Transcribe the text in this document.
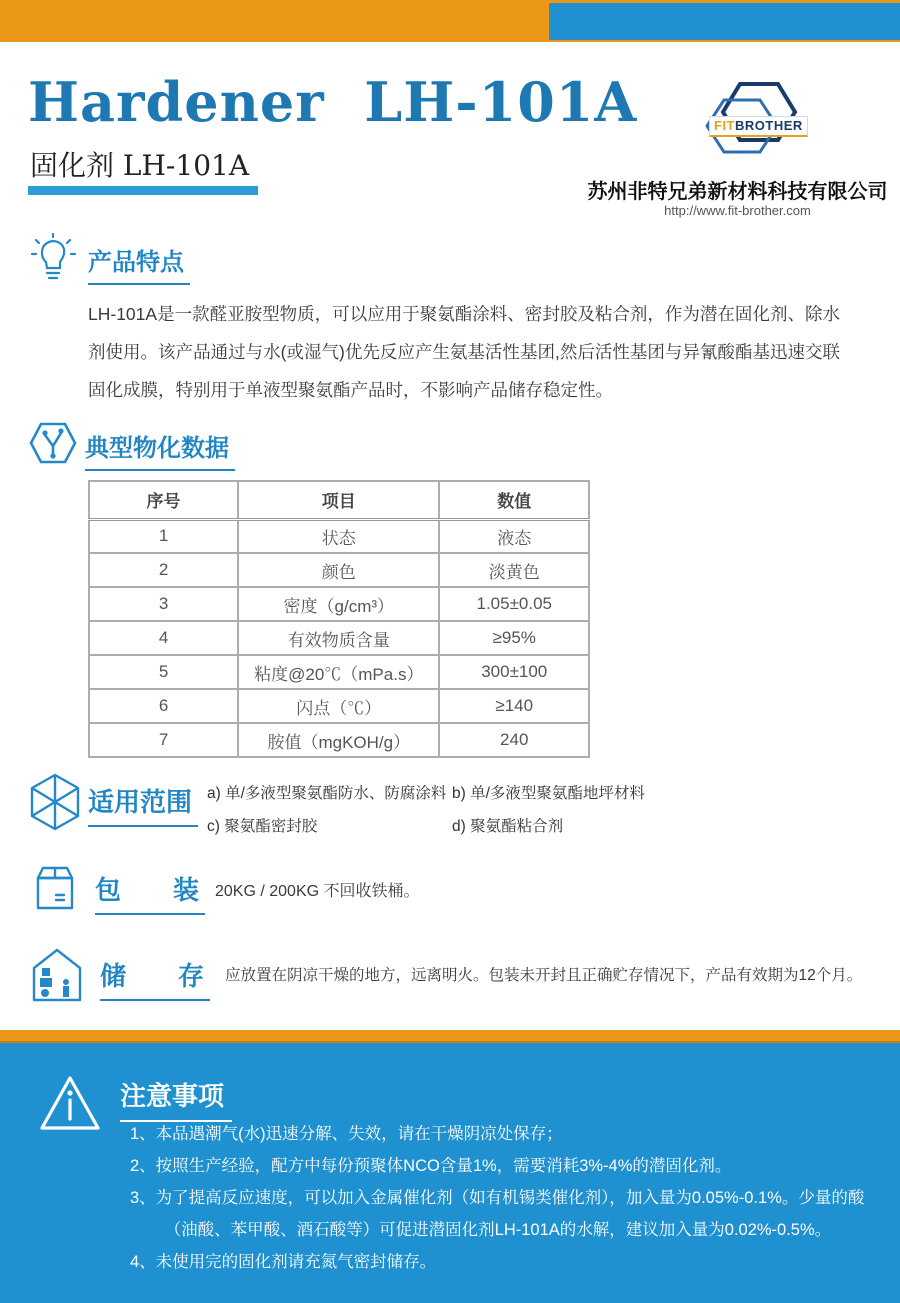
Hardener  LH-101A
固化剂 LH-101A
FITBROTHER
苏州非特兄弟新材料科技有限公司
http://www.fit-brother.com
产品特点
LH-101A是一款醛亚胺型物质，可以应用于聚氨酯涂料、密封胶及粘合剂，作为潜在固化剂、除水剂使用。该产品通过与水(或湿气)优先反应产生氨基活性基团,然后活性基团与异氰酸酯基迅速交联固化成膜，特别用于单液型聚氨酯产品时，不影响产品储存稳定性。
典型物化数据
序号	项目	数值
1	状态	液态
2	颜色	淡黄色
3	密度（g/cm³）	1.05±0.05
4	有效物质含量	≥95%
5	粘度@20℃（mPa.s）	300±100
6	闪点（℃）	≥140
7	胺值（mgKOH/g）	240
适用范围 a) 单/多液型聚氨酯防水、防腐涂料 b) 单/多液型聚氨酯地坪材料
c) 聚氨酯密封胶	d) 聚氨酯粘合剂
包　　装 20KG / 200KG 不回收铁桶。
储　　存	应放置在阴凉干燥的地方，远离明火。包装未开封且正确贮存情况下，产品有效期为12个月。
注意事项
1、本品遇潮气(水)迅速分解、失效，请在干燥阴凉处保存；
2、按照生产经验，配方中每份预聚体NCO含量1%，需要消耗3%-4%的潜固化剂。
3、为了提高反应速度，可以加入金属催化剂（如有机锡类催化剂），加入量为0.05%-0.1%。少量的酸（油酸、苯甲酸、酒石酸等）可促进潜固化剂LH-101A的水解，建议加入量为0.02%-0.5%。
4、未使用完的固化剂请充氮气密封储存。
